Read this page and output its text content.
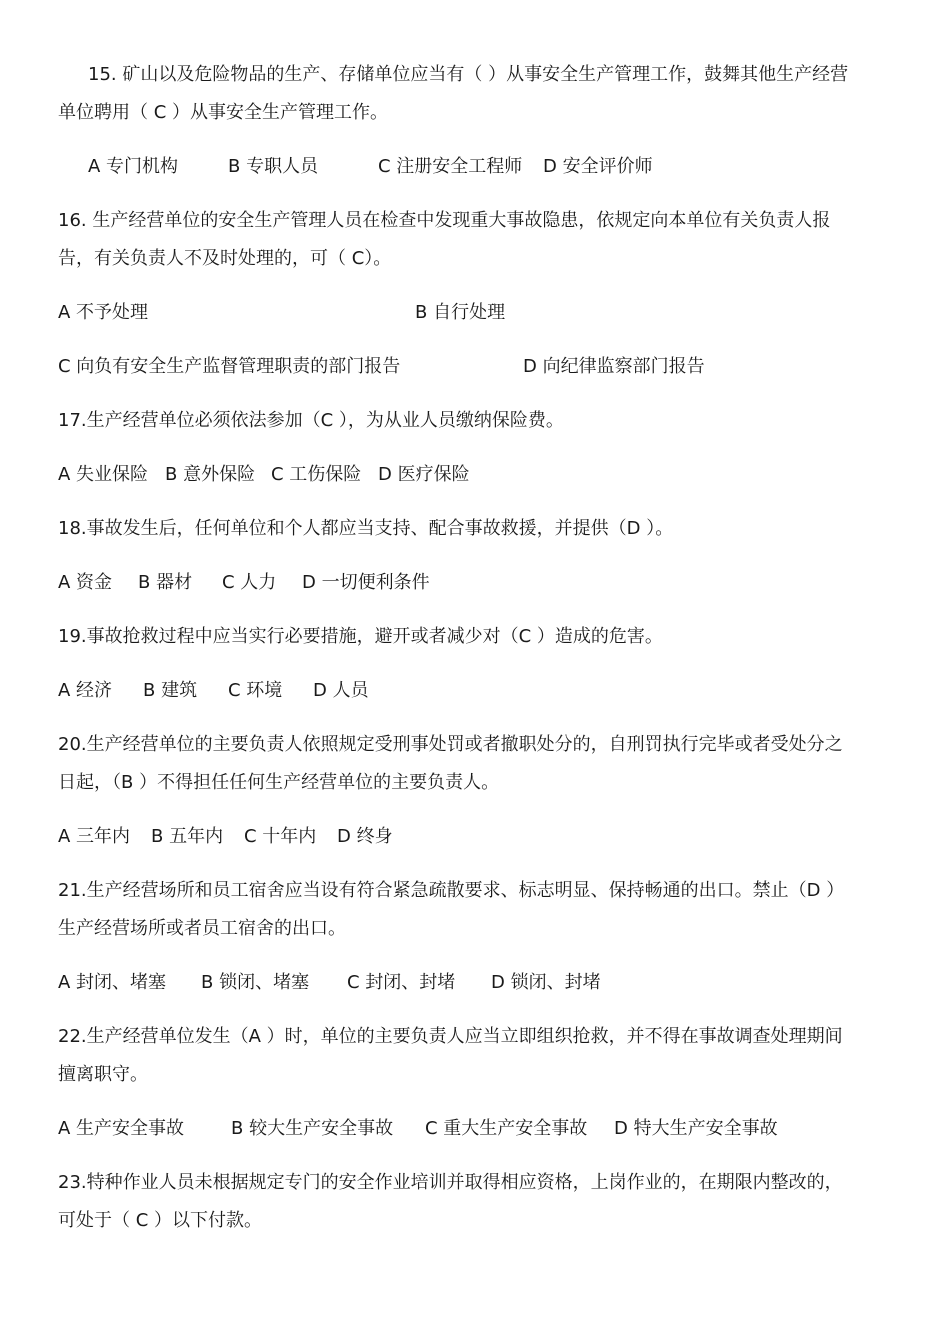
15. 矿山以及危险物品的生产、存储单位应当有（ ）从事安全生产管理工作，鼓舞其他生产经营
单位聘用（ C ）从事安全生产管理工作。
A 专门机构	B 专职人员	C 注册安全工程师 D 安全评价师
16. 生产经营单位的安全生产管理人员在检查中发现重大事故隐患，依规定向本单位有关负责人报
告，有关负责人不及时处理的，可（ C）。
A 不予处理	B 自行处理
C 向负有安全生产监督管理职责的部门报告	D 向纪律监察部门报告
17.生产经营单位必须依法参加（C ），为从业人员缴纳保险费。
A 失业保险 B 意外保险 C 工伤保险 D 医疗保险
18.事故发生后，任何单位和个人都应当支持、配合事故救援，并提供（D ）。
A 资金 B 器材 C 人力 D 一切便利条件
19.事故抢救过程中应当实行必要措施，避开或者减少对（C ）造成的危害。
A 经济 B 建筑 C 环境 D 人员
20.生产经营单位的主要负责人依照规定受刑事处罚或者撤职处分的，自刑罚执行完毕或者受处分之
日起，（B ）不得担任任何生产经营单位的主要负责人。
A 三年内 B 五年内 C 十年内 D 终身
21.生产经营场所和员工宿舍应当设有符合紧急疏散要求、标志明显、保持畅通的出口。禁止（D ）
生产经营场所或者员工宿舍的出口。
A 封闭、堵塞 B 锁闭、堵塞 C 封闭、封堵 D 锁闭、封堵
22.生产经营单位发生（A ）时，单位的主要负责人应当立即组织抢救，并不得在事故调查处理期间
擅离职守。
A 生产安全事故	B 较大生产安全事故 C 重大生产安全事故 D 特大生产安全事故
23.特种作业人员未根据规定专门的安全作业培训并取得相应资格，上岗作业的，在期限内整改的，
可处于（ C ）以下付款。
